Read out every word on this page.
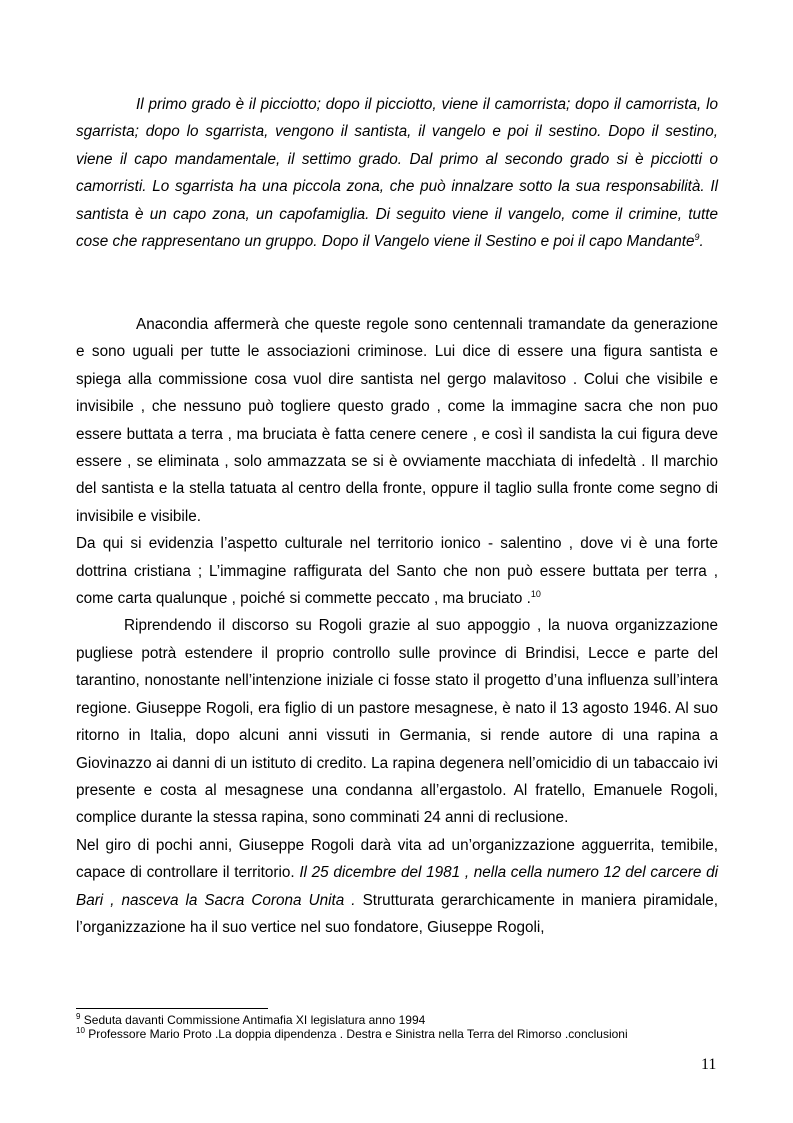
Il primo grado è il picciotto; dopo il picciotto, viene il camorrista; dopo il camorrista, lo sgarrista; dopo lo sgarrista, vengono il santista, il vangelo e poi il sestino. Dopo il sestino, viene il capo mandamentale, il settimo grado. Dal primo al secondo grado si è picciotti o camorristi. Lo sgarrista ha una piccola zona, che può innalzare sotto la sua responsabilità. Il santista è un capo zona, un capofamiglia. Di seguito viene il vangelo, come il crimine, tutte cose che rappresentano un gruppo. Dopo il Vangelo viene il Sestino e poi il capo Mandante$^9$.

Anacondia affermerà che queste regole sono centennali tramandate da generazione e sono uguali per tutte le associazioni criminose. Lui dice di essere una figura santista e spiega alla commissione cosa vuol dire santista nel gergo malavitoso . Colui che visibile e invisibile , che nessuno può togliere questo grado , come la immagine sacra che non puo essere buttata a terra , ma bruciata è fatta cenere cenere , e così il sandista la cui figura deve essere , se eliminata , solo ammazzata se si è ovviamente macchiata di infedeltà . Il marchio del santista e la stella tatuata al centro della fronte, oppure il taglio sulla fronte come segno di invisibile e visibile.

Da qui si evidenzia l’aspetto culturale nel territorio ionico - salentino , dove vi è una forte dottrina cristiana ; L’immagine raffigurata del Santo che non può essere buttata per terra , come carta qualunque , poiché si commette peccato , ma bruciato .$^{10}$

Riprendendo il discorso su Rogoli grazie al suo appoggio , la nuova organizzazione pugliese potrà estendere il proprio controllo sulle province di Brindisi, Lecce e parte del tarantino, nonostante nell’intenzione iniziale ci fosse stato il progetto d’una influenza sull’intera regione. Giuseppe Rogoli, era figlio di un pastore mesagnese, è nato il 13 agosto 1946. Al suo ritorno in Italia, dopo alcuni anni vissuti in Germania, si rende autore di una rapina a Giovinazzo ai danni di un istituto di credito. La rapina degenera nell’omicidio di un tabaccaio ivi presente e costa al mesagnese una condanna all’ergastolo. Al fratello, Emanuele Rogoli, complice durante la stessa rapina, sono comminati 24 anni di reclusione.

Nel giro di pochi anni, Giuseppe Rogoli darà vita ad un’organizzazione agguerrita, temibile, capace di controllare il territorio. Il 25 dicembre del 1981 , nella cella numero 12 del carcere di Bari , nasceva la Sacra Corona Unita . Strutturata gerarchicamente in maniera piramidale, l’organizzazione ha il suo vertice nel suo fondatore, Giuseppe Rogoli,

$^9$ Seduta davanti Commissione Antimafia XI legislatura anno 1994

$^{10}$ Professore Mario Proto .La doppia dipendenza . Destra e Sinistra nella Terra del Rimorso .conclusioni

11
